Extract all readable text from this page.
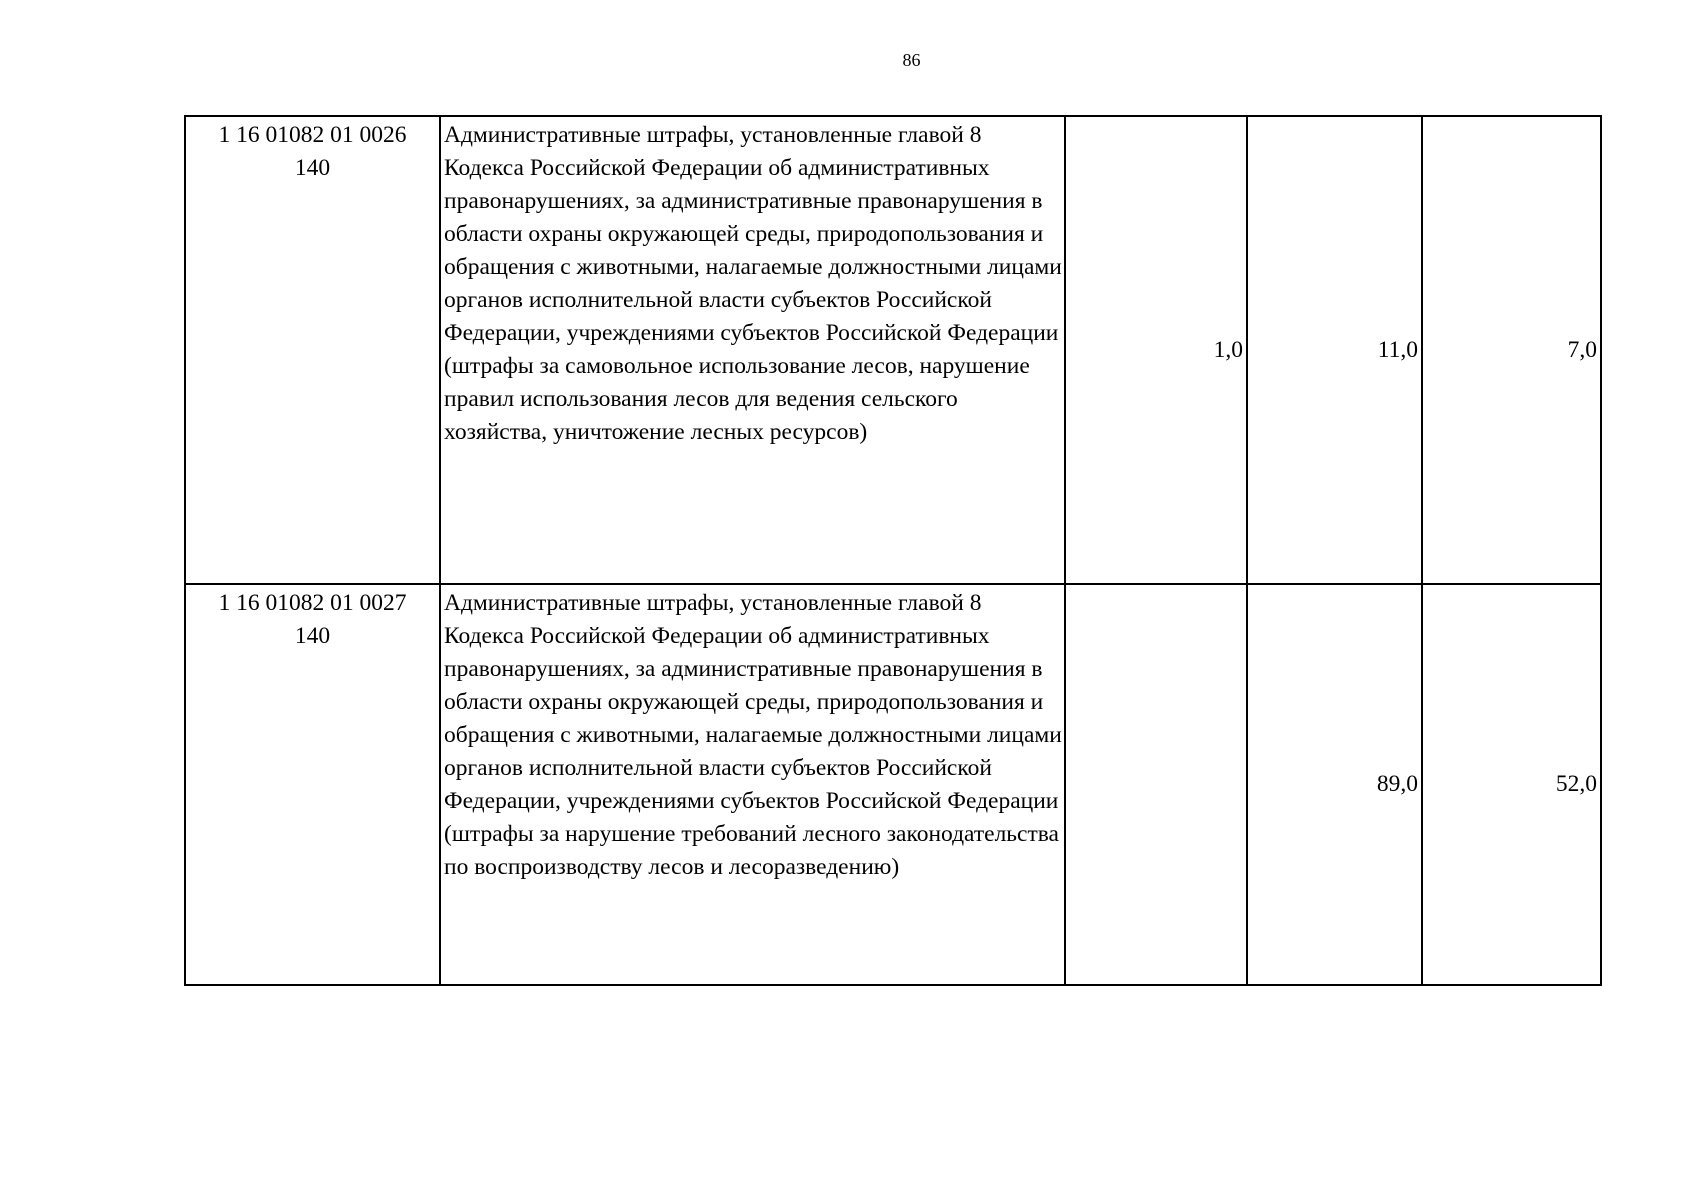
86
1 16 01082 01 0026
140	Административные штрафы, установленные главой 8 Кодекса Российской Федерации об административных правонарушениях, за административные правонарушения в области охраны окружающей среды, природопользования и обращения с животными, налагаемые должностными лицами органов исполнительной власти субъектов Российской Федерации, учреждениями субъектов Российской Федерации (штрафы за самовольное использование лесов, нарушение правил использования лесов для ведения сельского хозяйства, уничтожение лесных ресурсов)	1,0	11,0	7,0

1 16 01082 01 0027
140	Административные штрафы, установленные главой 8 Кодекса Российской Федерации об административных правонарушениях, за административные правонарушения в области охраны окружающей среды, природопользования и обращения с животными, налагаемые должностными лицами органов исполнительной власти субъектов Российской Федерации, учреждениями субъектов Российской Федерации (штрафы за нарушение требований лесного законодательства по воспроизводству лесов и лесоразведению)		89,0	52,0
